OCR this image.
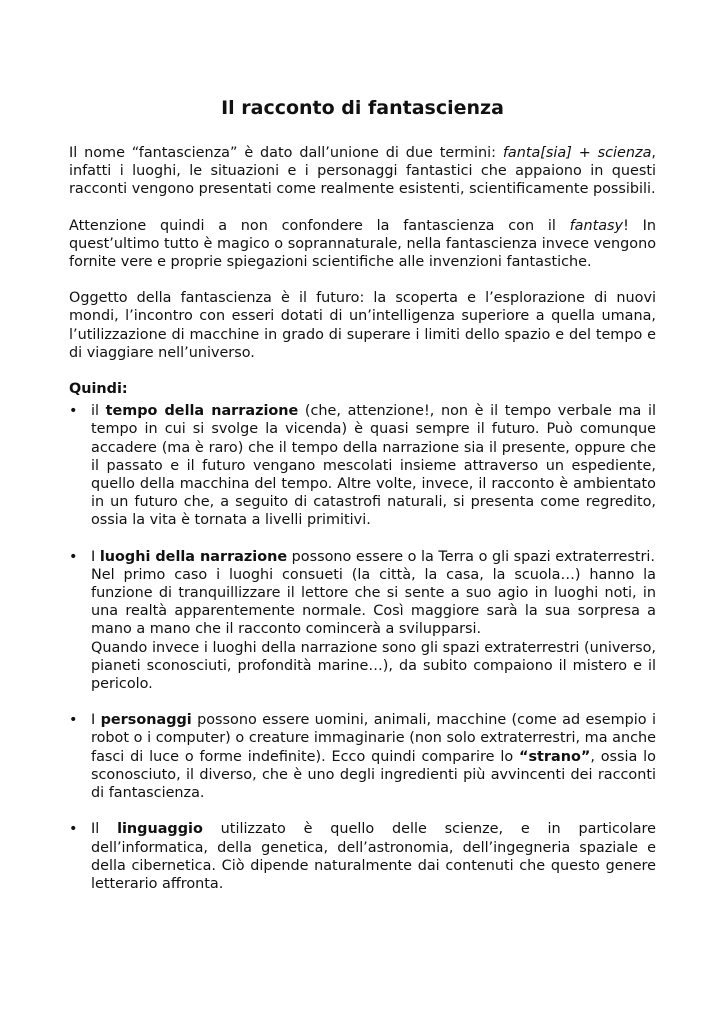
Il racconto di fantascienza

Il nome “fantascienza” è dato dall’unione di due termini: fanta[sia] + scienza, infatti i luoghi, le situazioni e i personaggi fantastici che appaiono in questi racconti vengono presentati come realmente esistenti, scientificamente possibili.

Attenzione quindi a non confondere la fantascienza con il fantasy! In quest’ultimo tutto è magico o soprannaturale, nella fantascienza invece vengono fornite vere e proprie spiegazioni scientifiche alle invenzioni fantastiche.

Oggetto della fantascienza è il futuro: la scoperta e l’esplorazione di nuovi mondi, l’incontro con esseri dotati di un’intelligenza superiore a quella umana, l’utilizzazione di macchine in grado di superare i limiti dello spazio e del tempo e di viaggiare nell’universo.

Quindi:
• il tempo della narrazione (che, attenzione!, non è il tempo verbale ma il tempo in cui si svolge la vicenda) è quasi sempre il futuro. Può comunque accadere (ma è raro) che il tempo della narrazione sia il presente, oppure che il passato e il futuro vengano mescolati insieme attraverso un espediente, quello della macchina del tempo. Altre volte, invece, il racconto è ambientato in un futuro che, a seguito di catastrofi naturali, si presenta come regredito, ossia la vita è tornata a livelli primitivi.
• I luoghi della narrazione possono essere o la Terra o gli spazi extraterrestri.
Nel primo caso i luoghi consueti (la città, la casa, la scuola…) hanno la funzione di tranquillizzare il lettore che si sente a suo agio in luoghi noti, in una realtà apparentemente normale. Così maggiore sarà la sua sorpresa a mano a mano che il racconto comincerà a svilupparsi.
Quando invece i luoghi della narrazione sono gli spazi extraterrestri (universo, pianeti sconosciuti, profondità marine…), da subito compaiono il mistero e il pericolo.
• I personaggi possono essere uomini, animali, macchine (come ad esempio i robot o i computer) o creature immaginarie (non solo extraterrestri, ma anche fasci di luce o forme indefinite). Ecco quindi comparire lo “strano”, ossia lo sconosciuto, il diverso, che è uno degli ingredienti più avvincenti dei racconti di fantascienza.
• Il linguaggio utilizzato è quello delle scienze, e in particolare dell’informatica, della genetica, dell’astronomia, dell’ingegneria spaziale e della cibernetica. Ciò dipende naturalmente dai contenuti che questo genere letterario affronta.
